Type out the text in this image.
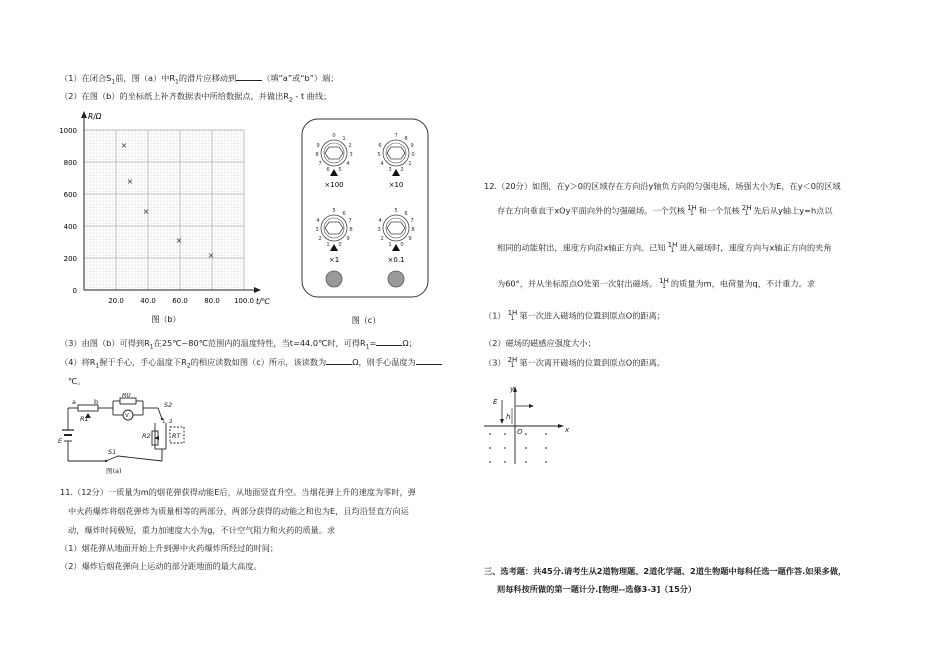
（1）在闭合$S_1$前，图（a）中$R_1$的滑片应移动到	（填“a”或“b”）端；
（2）在图（b）的坐标纸上补齐数据表中所给数据点，并做出$R_2$ - t 曲线；
R/Ω
t/℃
1000
800
600
400
200
0
20.0 40.0 60.0 80.0 100.0
×
×
×
×
×
图（b）
×100	×10
×1	×0.1
0 1
2
3
4
5
6
7
8
9
7 8
9
0
1
2
3
4
5
6
5 6
7
8
9
0
1
2
3
4
5 6
7
8
9
0
1
2
3
4
图（c）
（3）由图（b）可得到$R_1$在25℃~80℃范围内的温度特性，当t=44.0℃时，可得$R_1=$	Ω；
（4）将$R_1$握于手心，手心温度下$R_2$的相应读数如图（c）所示，该读数为	Ω，则手心温度为
℃。
a	b
R1
R0
V
S2
1 2
R2	RT
E
S1
图(a)
11.（12分）一质量为m的烟花弹获得动能E后，从地面竖直升空。当烟花弹上升的速度为零时，弹
中火药爆炸将烟花弹炸为质量相等的两部分，两部分获得的动能之和也为E，且均沿竖直方向运
动，爆炸时间极短，重力加速度大小为g，不计空气阻力和火药的质量。求
（1）烟花弹从地面开始上升到弹中火药爆炸所经过的时间；
（2）爆炸后烟花弹向上运动的部分距地面的最大高度。
12.（20分）如图，在y＞0的区域存在方向沿y轴负方向的匀强电场，场强大小为E，在y＜0的区域
存在方向垂直于xOy平面向外的匀强磁场。一个氕核 1H
1 和一个氘核 2H
1 先后从y轴上y=h点以
相同的动能射出，速度方向沿x轴正方向。已知 1H
1 进入磁场时，速度方向与x轴正方向的夹角
为60°，并从坐标原点O处第一次射出磁场。 1H
1 的质量为m，电荷量为q，不计重力。求
（1） 1H
1 第一次进入磁场的位置到原点O的距离；
（2）磁场的磁感应强度大小；
（3） 2H
1 第一次离开磁场的位置到原点O的距离。
y
x
E
h
O
三、选考题：共45分.请考生从2道物理题、2道化学题、2道生物题中每科任选一题作答.如果多做，
则每科按所做的第一题计分.[物理--选修3-3]（15分）
